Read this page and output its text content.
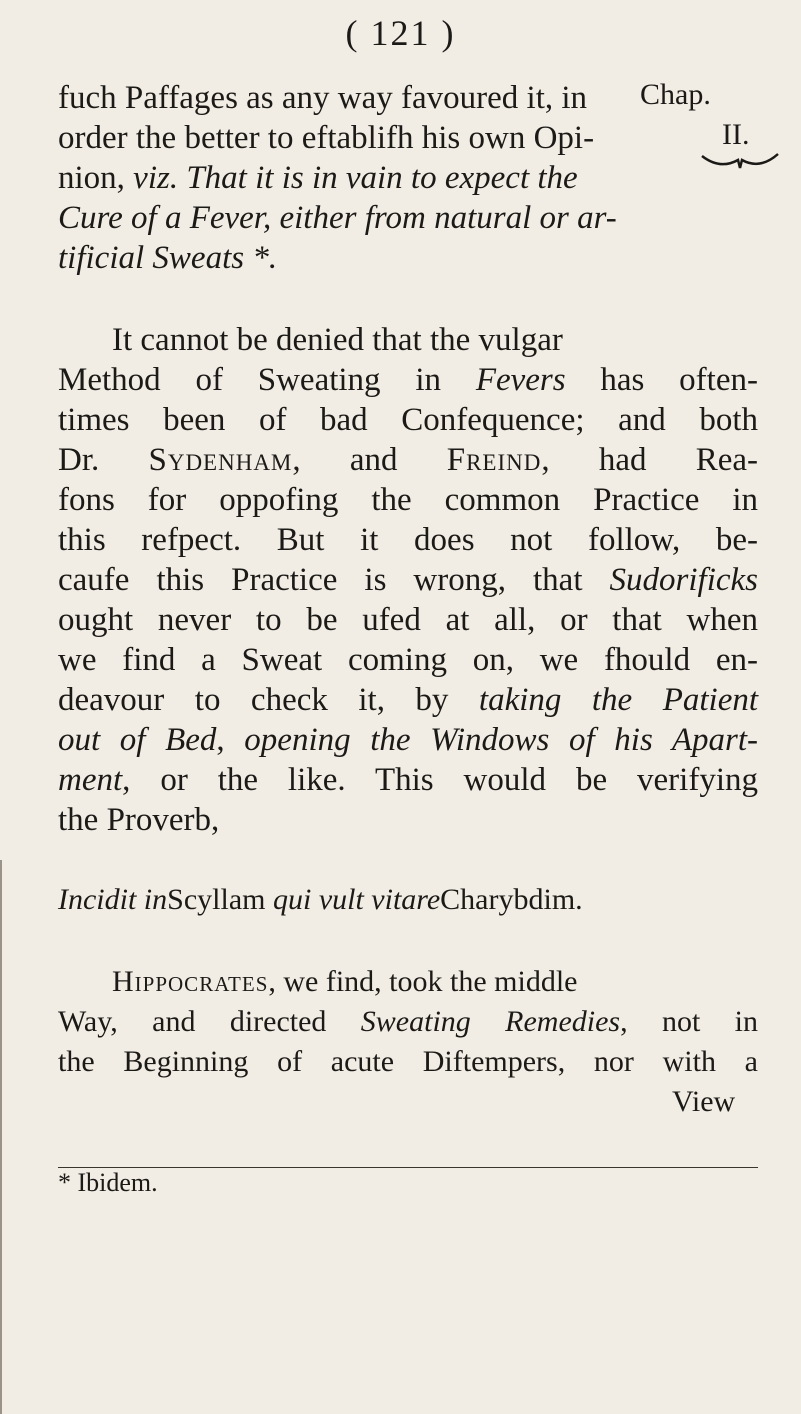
( 121 )
Chap.
II.
fuch Paffages as any way favoured it, in
order the better to eftablifh his own Opi-
nion, viz. That it is in vain to expect the
Cure of a Fever, either from natural or ar-
tificial Sweats *.
It cannot be denied that the vulgar
Method of Sweating in Fevers has often-
times been of bad Confequence; and both
Dr. Sydenham, and Freind, had Rea-
fons for oppofing the common Practice in
this refpect. But it does not follow, be-
caufe this Practice is wrong, that Sudorificks
ought never to be ufed at all, or that when
we find a Sweat coming on, we fhould en-
deavour to check it, by taking the Patient
out of Bed, opening the Windows of his Apart-
ment, or the like. This would be verifying
the Proverb,
Incidit inScyllam qui vult vitareCharybdim.
Hippocrates, we find, took the middle
Way, and directed Sweating Remedies, not in
the Beginning of acute Diftempers, nor with a
View
* Ibidem.
